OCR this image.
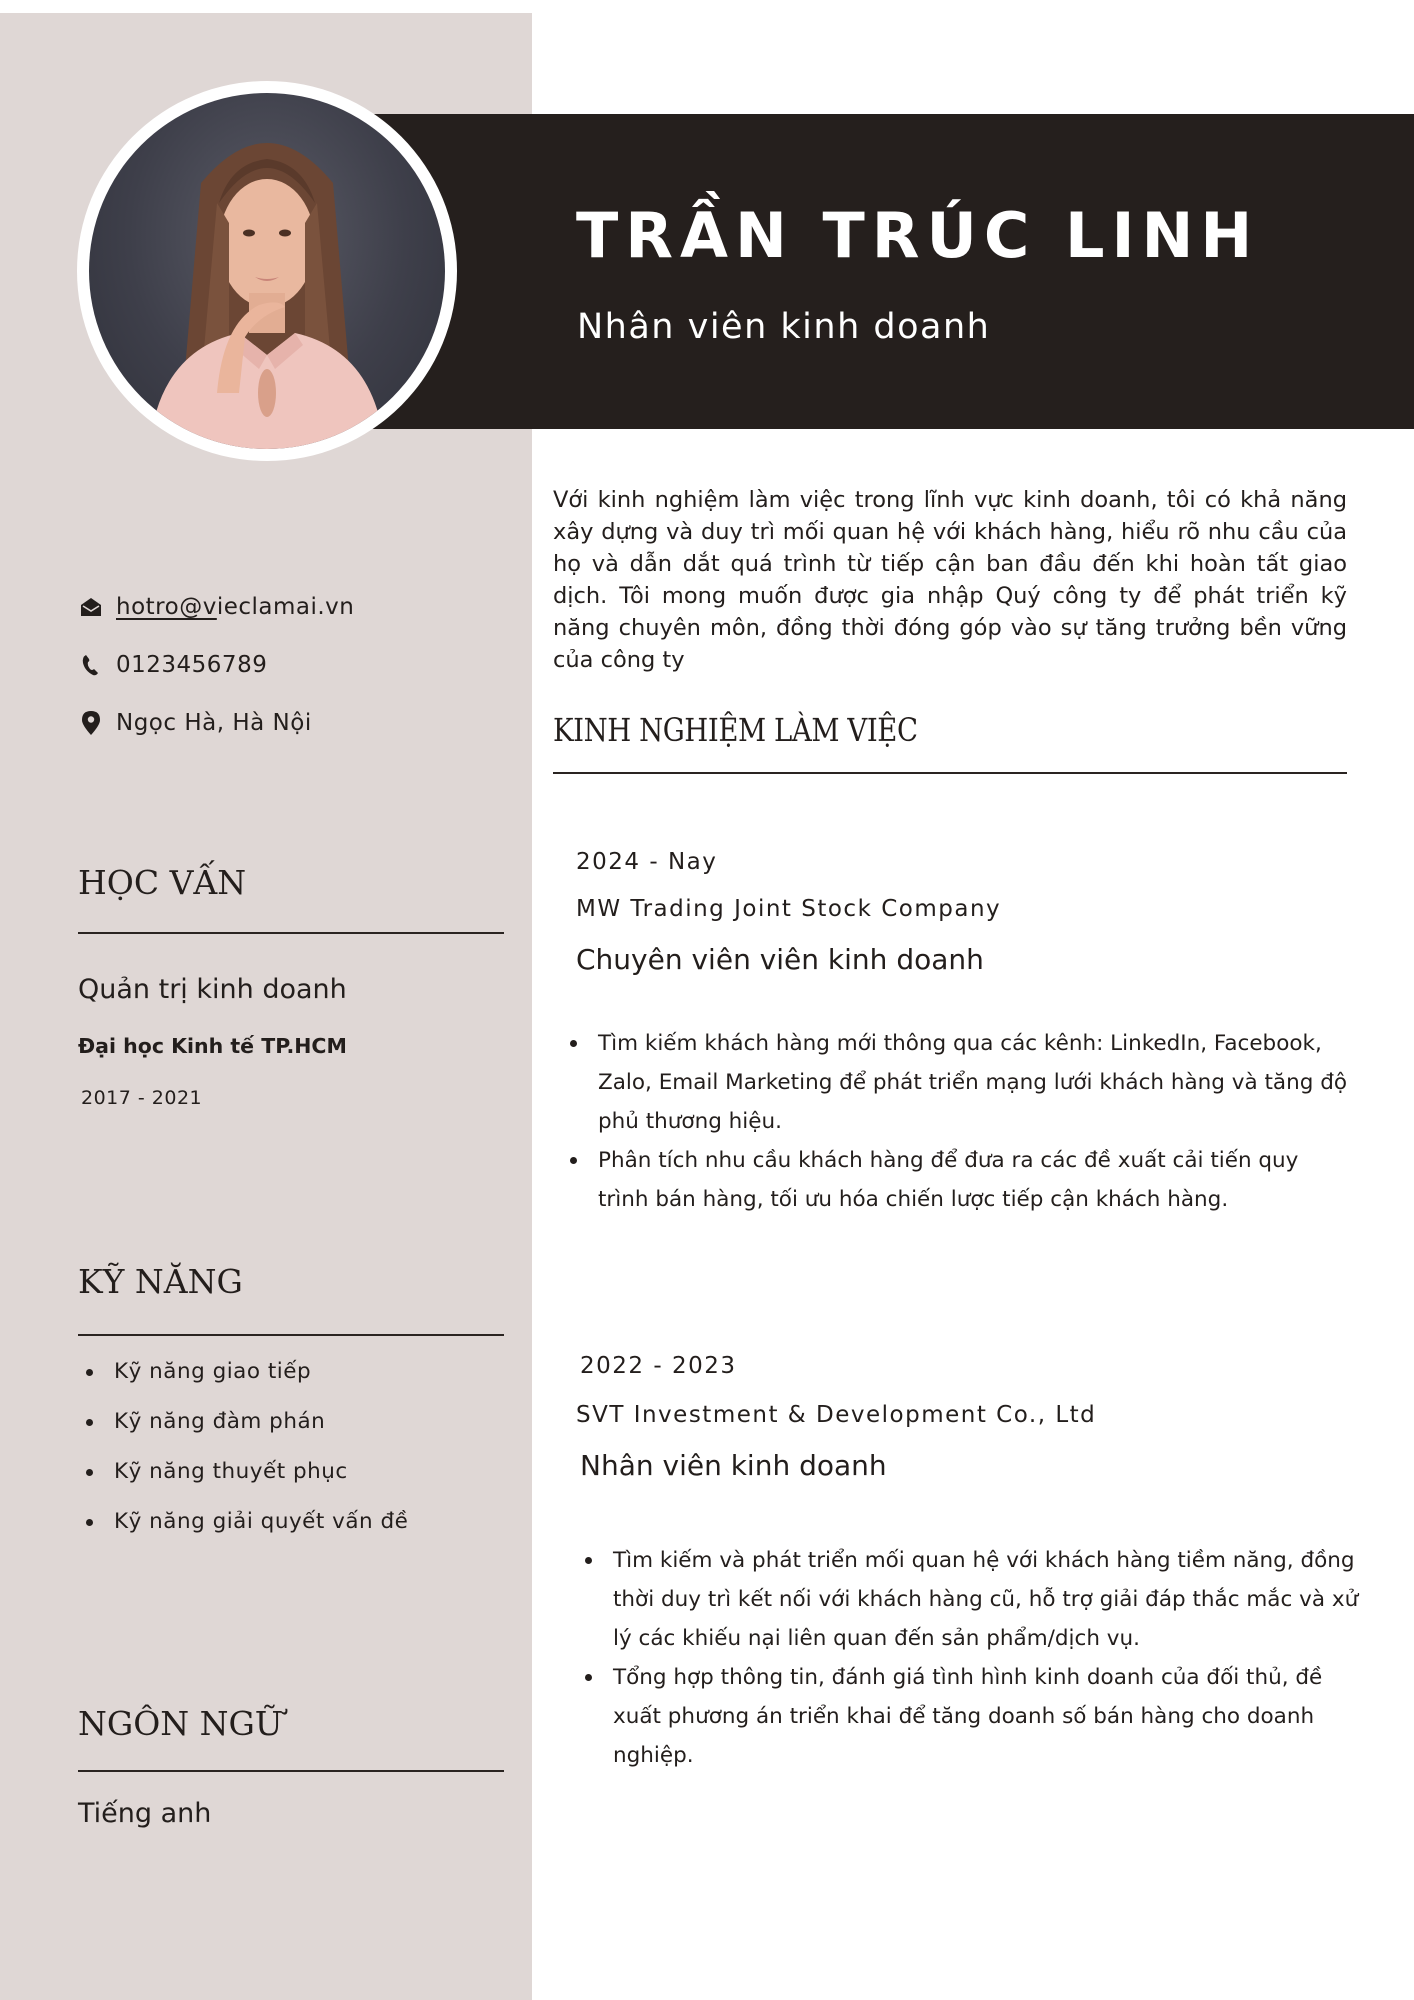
TRẦN TRÚC LINH
Nhân viên kinh doanh
hotro@vieclamai.vn
0123456789
Ngọc Hà, Hà Nội
HỌC VẤN
Quản trị kinh doanh
Đại học Kinh tế TP.HCM
2017 - 2021
KỸ NĂNG
Kỹ năng giao tiếp
Kỹ năng đàm phán
Kỹ năng thuyết phục
Kỹ năng giải quyết vấn đề
NGÔN NGỮ
Tiếng anh
Với kinh nghiệm làm việc trong lĩnh vực kinh doanh, tôi có khả năng xây dựng và duy trì mối quan hệ với khách hàng, hiểu rõ nhu cầu của họ và dẫn dắt quá trình từ tiếp cận ban đầu đến khi hoàn tất giao dịch. Tôi mong muốn được gia nhập Quý công ty để phát triển kỹ năng chuyên môn, đồng thời đóng góp vào sự tăng trưởng bền vững của công ty
KINH NGHIỆM LÀM VIỆC
2024 - Nay
MW Trading Joint Stock Company
Chuyên viên viên kinh doanh
Tìm kiếm khách hàng mới thông qua các kênh: LinkedIn, Facebook, Zalo, Email Marketing để phát triển mạng lưới khách hàng và tăng độ phủ thương hiệu.
Phân tích nhu cầu khách hàng để đưa ra các đề xuất cải tiến quy trình bán hàng, tối ưu hóa chiến lược tiếp cận khách hàng.
2022 - 2023
SVT Investment & Development Co., Ltd
Nhân viên kinh doanh
Tìm kiếm và phát triển mối quan hệ với khách hàng tiềm năng, đồng thời duy trì kết nối với khách hàng cũ, hỗ trợ giải đáp thắc mắc và xử lý các khiếu nại liên quan đến sản phẩm/dịch vụ.
Tổng hợp thông tin, đánh giá tình hình kinh doanh của đối thủ, đề xuất phương án triển khai để tăng doanh số bán hàng cho doanh nghiệp.
